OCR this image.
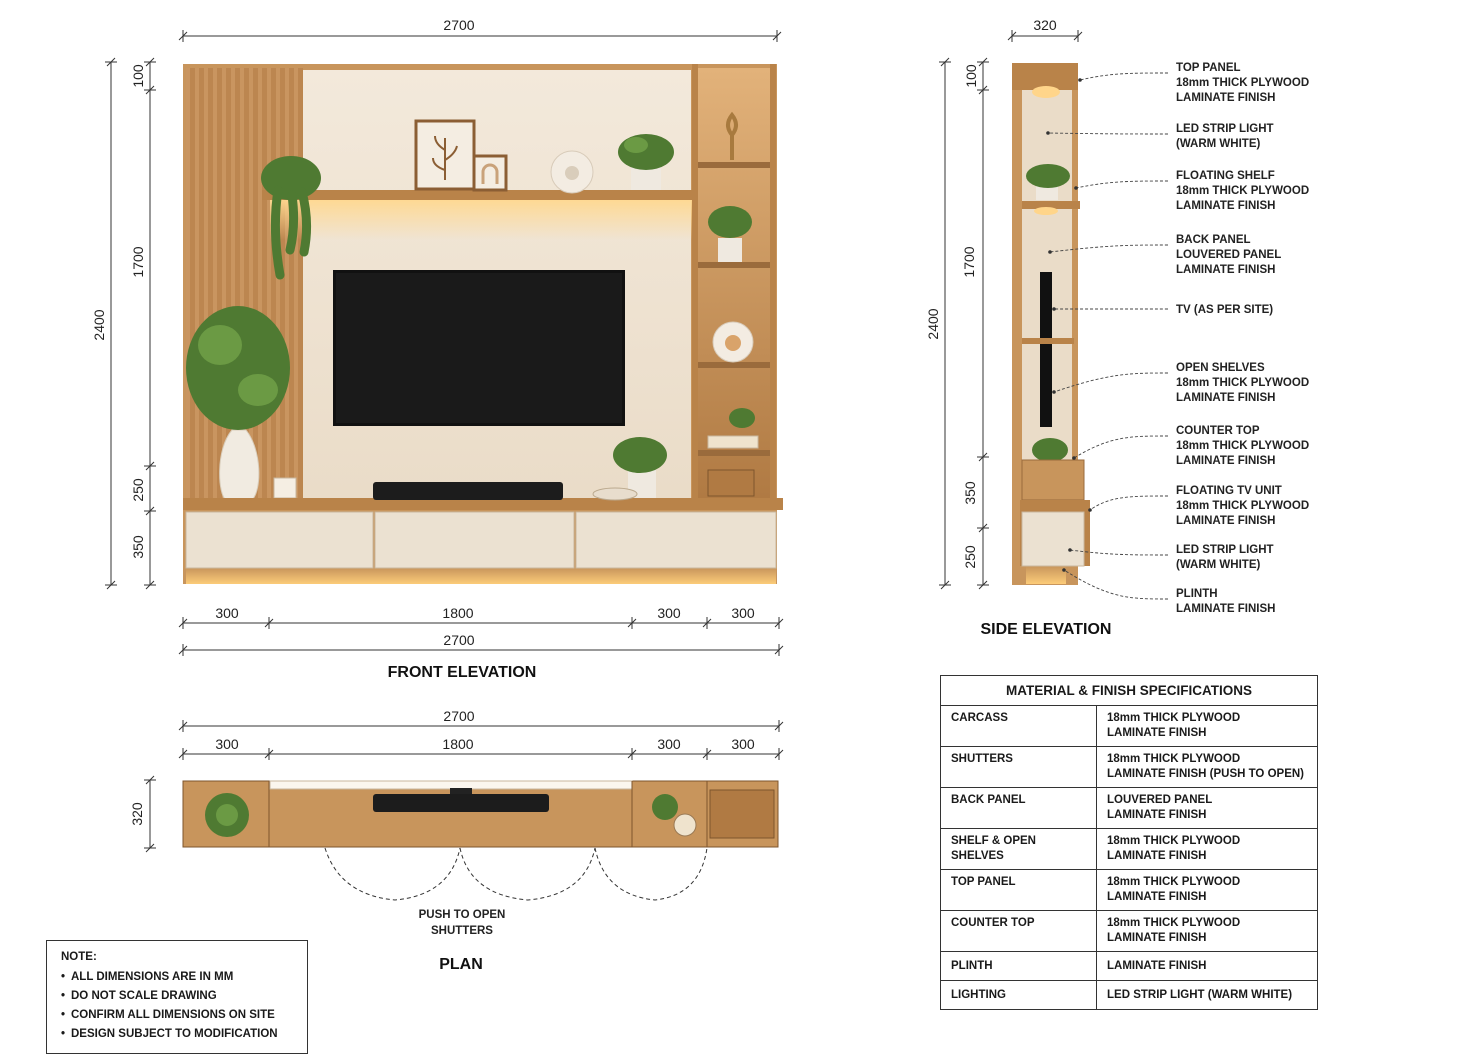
2700
2400
100
1700
250
350
300	1800	300	300
2700
FRONT ELEVATION
320
2400
100
1700
350
250
SIDE ELEVATION
2700
300	1800	300	300
320
PUSH TO OPEN
SHUTTERS
PLAN
TOP PANEL
18mm THICK PLYWOOD
LAMINATE FINISH
LED STRIP LIGHT
(WARM WHITE)
FLOATING SHELF
18mm THICK PLYWOOD
LAMINATE FINISH
BACK PANEL
LOUVERED PANEL
LAMINATE FINISH
TV (AS PER SITE)
OPEN SHELVES
18mm THICK PLYWOOD
LAMINATE FINISH
COUNTER TOP
18mm THICK PLYWOOD
LAMINATE FINISH
FLOATING TV UNIT
18mm THICK PLYWOOD
LAMINATE FINISH
LED STRIP LIGHT
(WARM WHITE)
PLINTH
LAMINATE FINISH
NOTE:
• ALL DIMENSIONS ARE IN MM
• DO NOT SCALE DRAWING
• CONFIRM ALL DIMENSIONS ON SITE
• DESIGN SUBJECT TO MODIFICATION
MATERIAL & FINISH SPECIFICATIONS	
CARCASS	18mm THICK PLYWOOD
LAMINATE FINISH
SHUTTERS	18mm THICK PLYWOOD
LAMINATE FINISH (PUSH TO OPEN)
BACK PANEL	LOUVERED PANEL
LAMINATE FINISH
SHELF & OPEN SHELVES	18mm THICK PLYWOOD
LAMINATE FINISH
TOP PANEL	18mm THICK PLYWOOD
LAMINATE FINISH
COUNTER TOP	18mm THICK PLYWOOD
LAMINATE FINISH
PLINTH	LAMINATE FINISH
LIGHTING	LED STRIP LIGHT (WARM WHITE)
